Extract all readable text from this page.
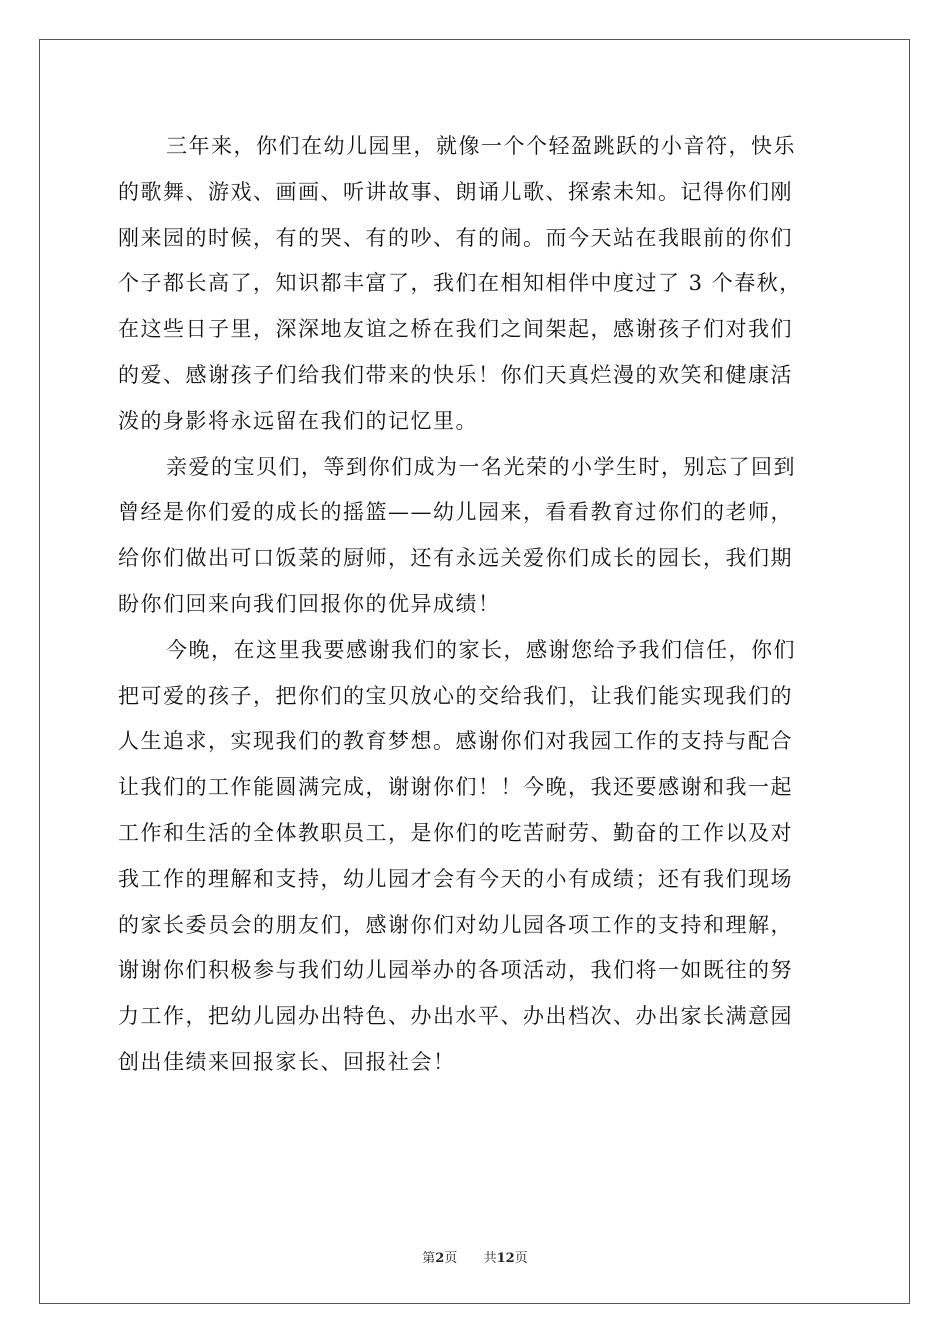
三年来，你们在幼儿园里，就像一个个轻盈跳跃的小音符，快乐
的歌舞、游戏、画画、听讲故事、朗诵儿歌、探索未知。记得你们刚
刚来园的时候，有的哭、有的吵、有的闹。而今天站在我眼前的你们
个子都长高了，知识都丰富了，我们在相知相伴中度过了 3 个春秋，
在这些日子里，深深地友谊之桥在我们之间架起，感谢孩子们对我们
的爱、感谢孩子们给我们带来的快乐！你们天真烂漫的欢笑和健康活
泼的身影将永远留在我们的记忆里。
亲爱的宝贝们，等到你们成为一名光荣的小学生时，别忘了回到
曾经是你们爱的成长的摇篮——幼儿园来，看看教育过你们的老师，
给你们做出可口饭菜的厨师，还有永远关爱你们成长的园长，我们期
盼你们回来向我们回报你的优异成绩！
今晚，在这里我要感谢我们的家长，感谢您给予我们信任，你们
把可爱的孩子，把你们的宝贝放心的交给我们，让我们能实现我们的
人生追求，实现我们的教育梦想。感谢你们对我园工作的支持与配合
让我们的工作能圆满完成，谢谢你们！！今晚，我还要感谢和我一起
工作和生活的全体教职员工，是你们的吃苦耐劳、勤奋的工作以及对
我工作的理解和支持，幼儿园才会有今天的小有成绩；还有我们现场
的家长委员会的朋友们，感谢你们对幼儿园各项工作的支持和理解，
谢谢你们积极参与我们幼儿园举办的各项活动，我们将一如既往的努
力工作，把幼儿园办出特色、办出水平、办出档次、办出家长满意园
创出佳绩来回报家长、回报社会！
第2页 共12页
